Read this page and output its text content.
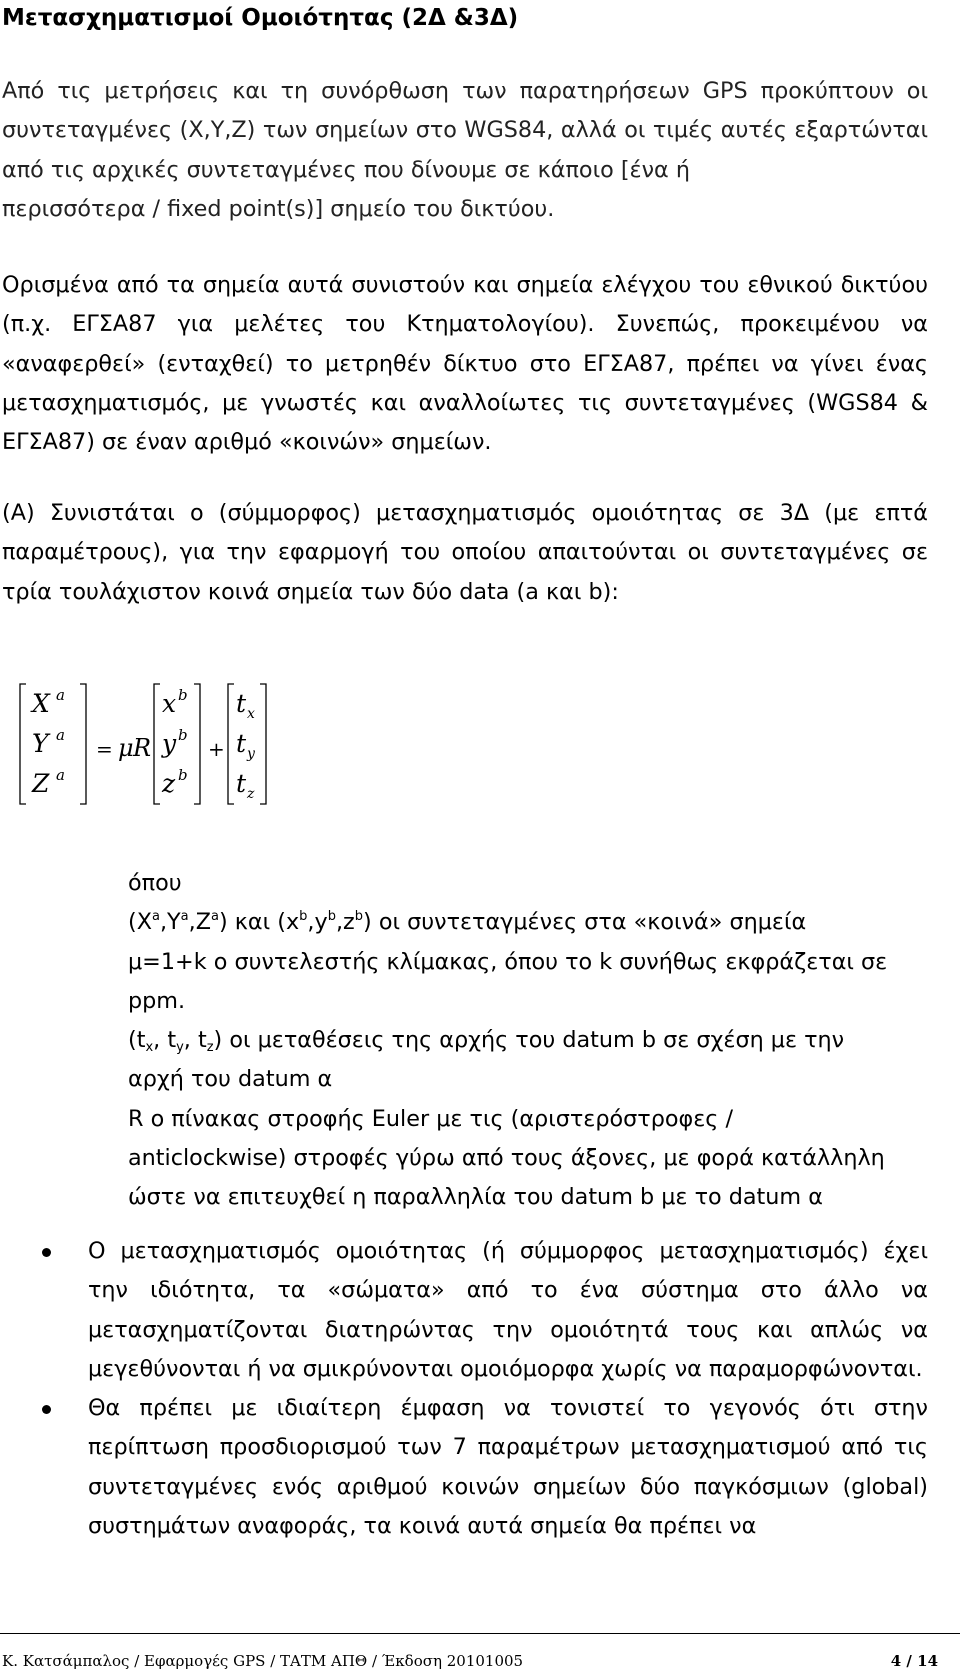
Μετασχηματισμοί Ομοιότητας (2Δ &3Δ)
Από τις μετρήσεις και τη συνόρθωση των παρατηρήσεων GPS προκύπτουν οι συντεταγμένες (X,Y,Z) των σημείων στο WGS84, αλλά οι τιμές αυτές εξαρτώνται από τις αρχικές συντεταγμένες που δίνουμε σε κάποιο [ένα ή
περισσότερα / fixed point(s)] σημείο του δικτύου.
Ορισμένα από τα σημεία αυτά συνιστούν και σημεία ελέγχου του εθνικού δικτύου (π.χ. ΕΓΣΑ87 για μελέτες του Κτηματολογίου). Συνεπώς, προκειμένου να «αναφερθεί» (ενταχθεί) το μετρηθέν δίκτυο στο ΕΓΣΑ87, πρέπει να γίνει ένας μετασχηματισμός, με γνωστές και αναλλοίωτες τις συντεταγμένες (WGS84 & ΕΓΣΑ87) σε έναν αριθμό «κοινών» σημείων.
(Α) Συνιστάται ο (σύμμορφος) μετασχηματισμός ομοιότητας σε 3Δ (με επτά παραμέτρους), για την εφαρμογή του οποίου απαιτούνται οι συντεταγμένες σε τρία τουλάχιστον κοινά σημεία των δύο data (a και b):
X a
Y a
Z a
= μ R
x b
y b
z b
+
t x
t y
t z
όπου
$(X^a,Y^a,Z^a)$ και $(x^b,y^b,z^b)$ οι συντεταγμένες στα «κοινά» σημεία
μ=1+k ο συντελεστής κλίμακας, όπου το k συνήθως εκφράζεται σε
ppm.
($t_x$, $t_y$, $t_z$) οι μεταθέσεις της αρχής του datum b σε σχέση με την
αρχή του datum α
R ο πίνακας στροφής Euler με τις (αριστερόστροφες /
anticlockwise) στροφές γύρω από τους άξονες, με φορά κατάλληλη
ώστε να επιτευχθεί η παραλληλία του datum b με το datum α
Ο μετασχηματισμός ομοιότητας (ή σύμμορφος μετασχηματισμός) έχει την ιδιότητα, τα «σώματα» από το ένα σύστημα στο άλλο να μετασχηματίζονται διατηρώντας την ομοιότητά τους και απλώς να μεγεθύνονται ή να σμικρύνονται ομοιόμορφα χωρίς να παραμορφώνονται.
Θα πρέπει με ιδιαίτερη έμφαση να τονιστεί το γεγονός ότι στην περίπτωση προσδιορισμού των 7 παραμέτρων μετασχηματισμού από τις συντεταγμένες ενός αριθμού κοινών σημείων δύο παγκόσμιων (global) συστημάτων αναφοράς, τα κοινά αυτά σημεία θα πρέπει να
Κ. Κατσάμπαλος / Εφαρμογές GPS / ΤΑΤΜ ΑΠΘ / Έκδοση 20101005	4 / 14
